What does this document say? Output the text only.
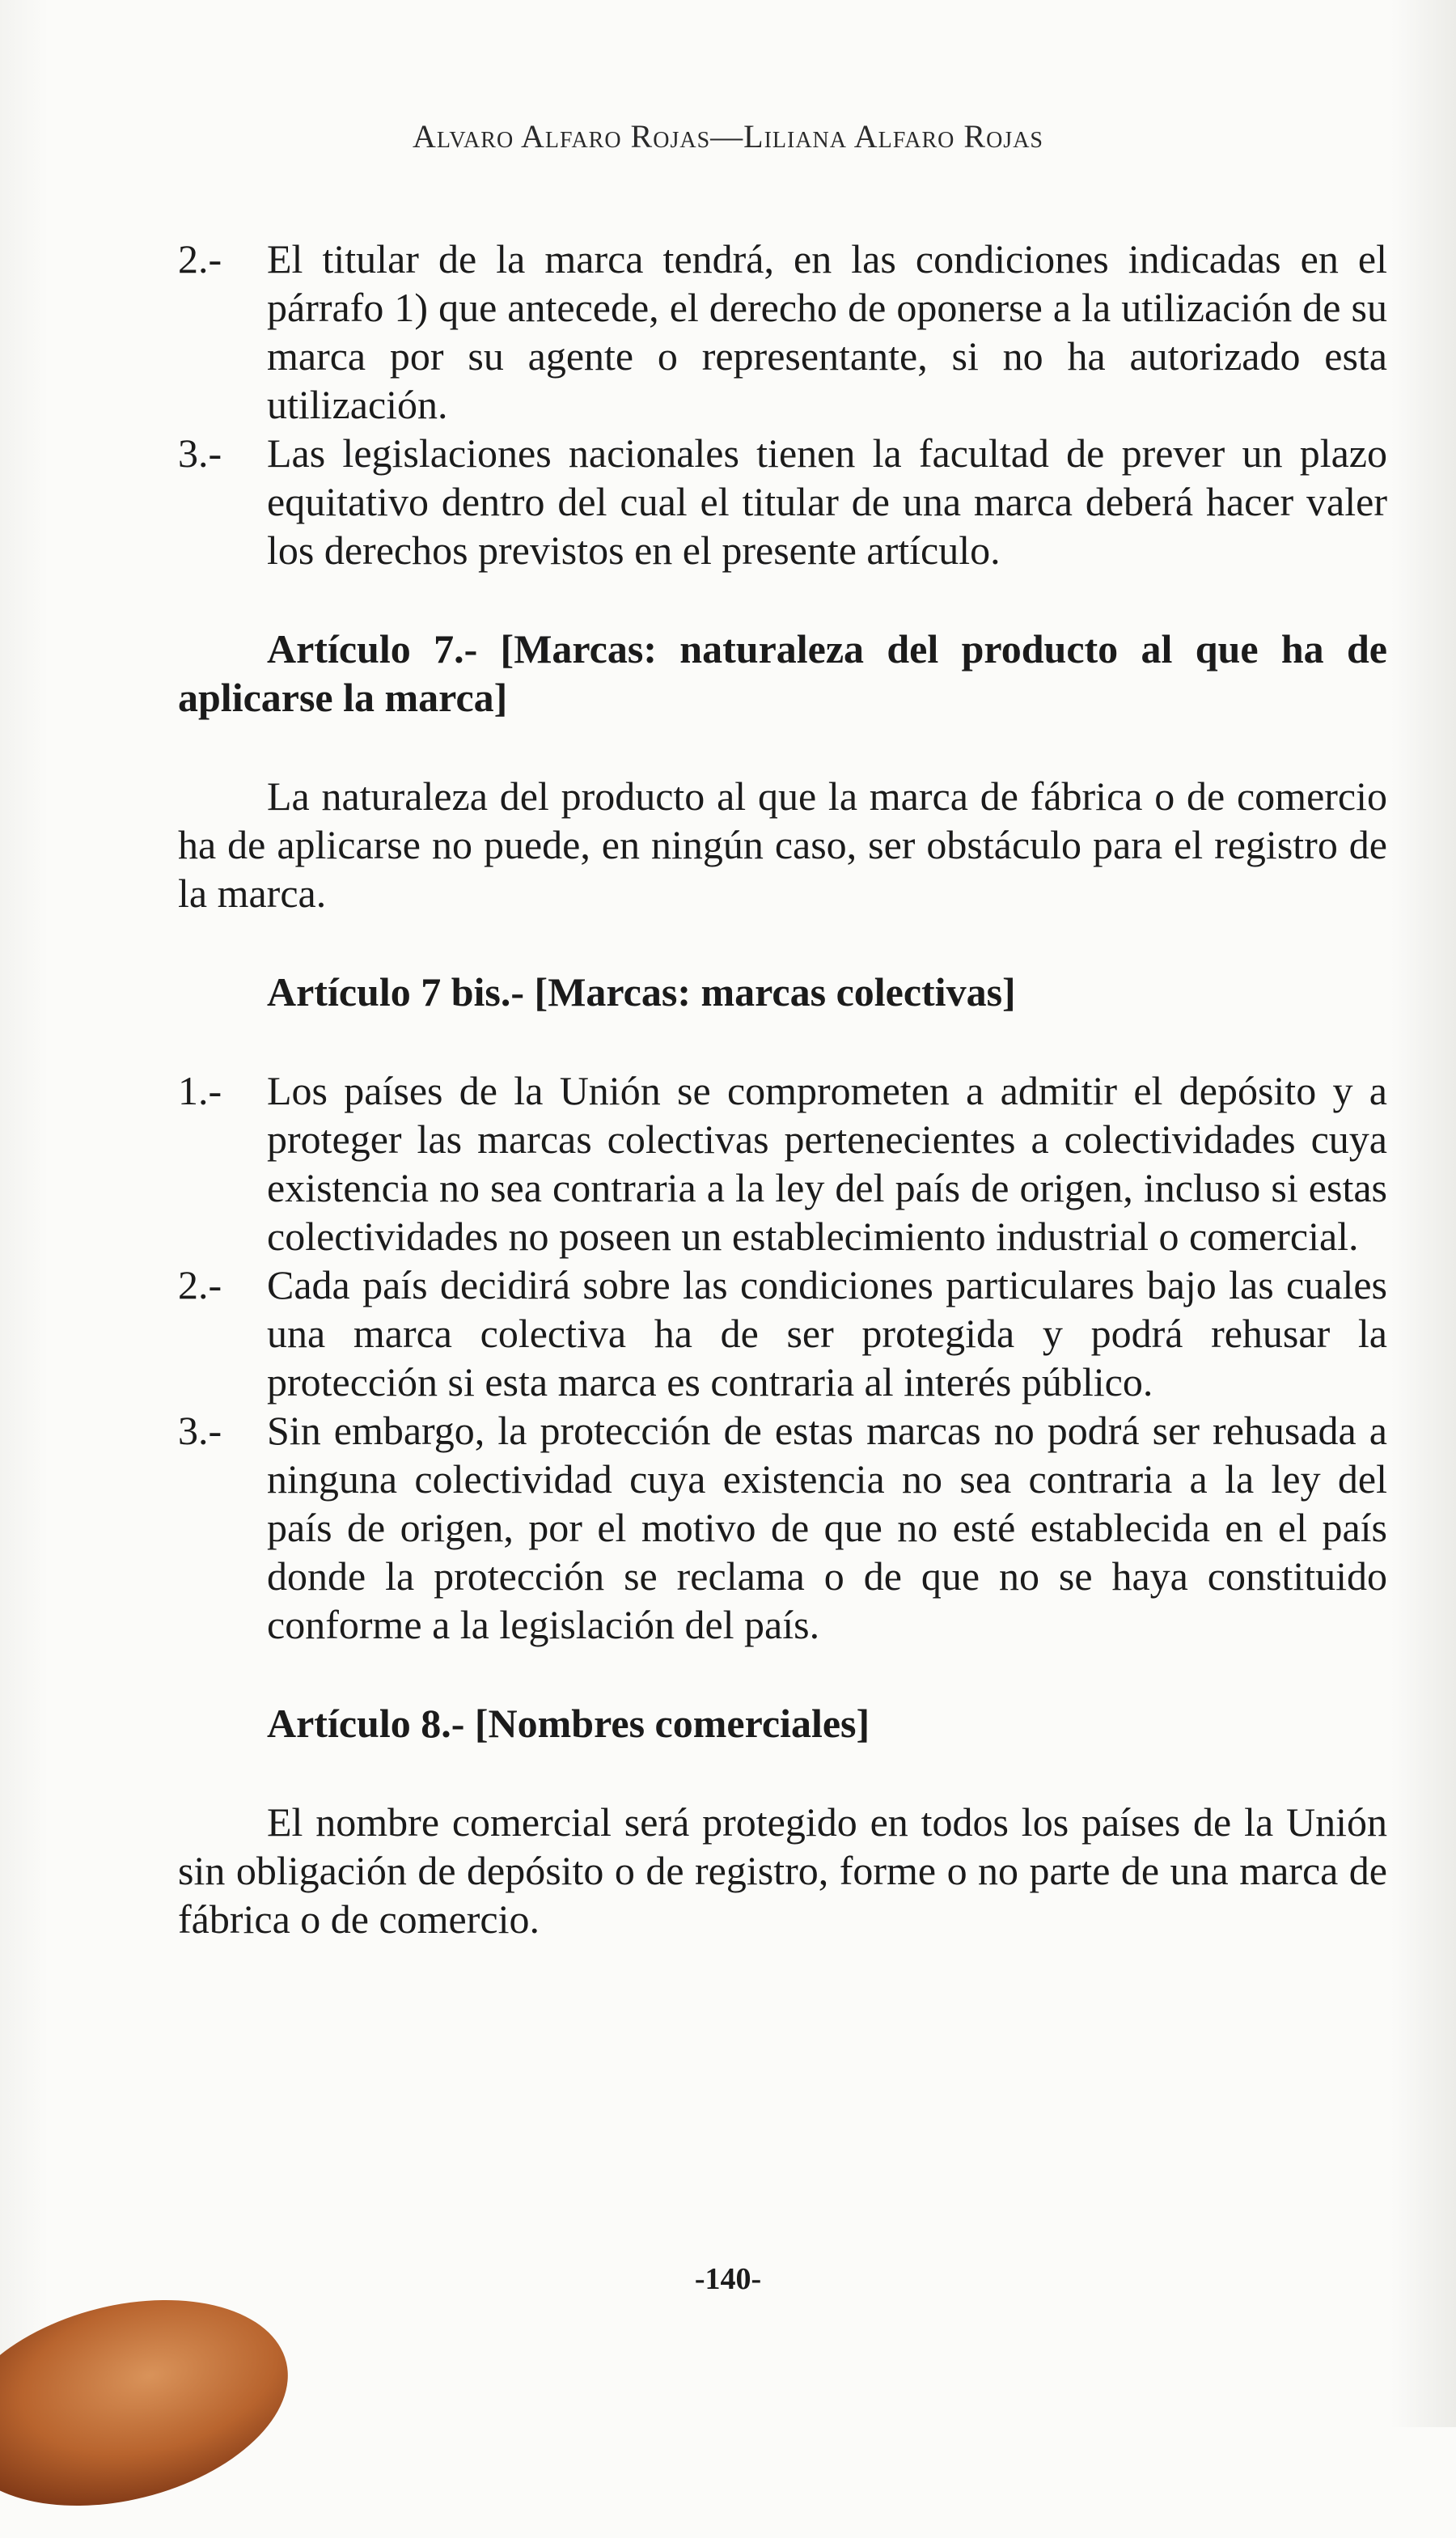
Alvaro Alfaro Rojas—Liliana Alfaro Rojas
2.-	El titular de la marca tendrá, en las condiciones indicadas en el párrafo 1) que antecede, el derecho de oponerse a la utilización de su marca por su agente o representante, si no ha autorizado esta utilización.
3.-	Las legislaciones nacionales tienen la facultad de prever un plazo equitativo dentro del cual el titular de una marca deberá hacer valer los derechos previstos en el presente artículo.
Artículo 7.- [Marcas: naturaleza del producto al que ha de aplicarse la marca]
La naturaleza del producto al que la marca de fábrica o de comercio ha de aplicarse no puede, en ningún caso, ser obstáculo para el registro de la marca.
Artículo 7 bis.- [Marcas: marcas colectivas]
1.-	Los países de la Unión se comprometen a admitir el depósito y a proteger las marcas colectivas pertenecientes a colectividades cuya existencia no sea contraria a la ley del país de origen, incluso si estas colectividades no poseen un establecimiento industrial o comercial.
2.-	Cada país decidirá sobre las condiciones particulares bajo las cuales una marca colectiva ha de ser protegida y podrá rehusar la protección si esta marca es contraria al interés público.
3.-	Sin embargo, la protección de estas marcas no podrá ser rehusada a ninguna colectividad cuya existencia no sea contraria a la ley del país de origen, por el motivo de que no esté establecida en el país donde la protección se reclama o de que no se haya constituido conforme a la legislación del país.
Artículo 8.- [Nombres comerciales]
El nombre comercial será protegido en todos los países de la Unión sin obligación de depósito o de registro, forme o no parte de una marca de fábrica o de comercio.
-140-
